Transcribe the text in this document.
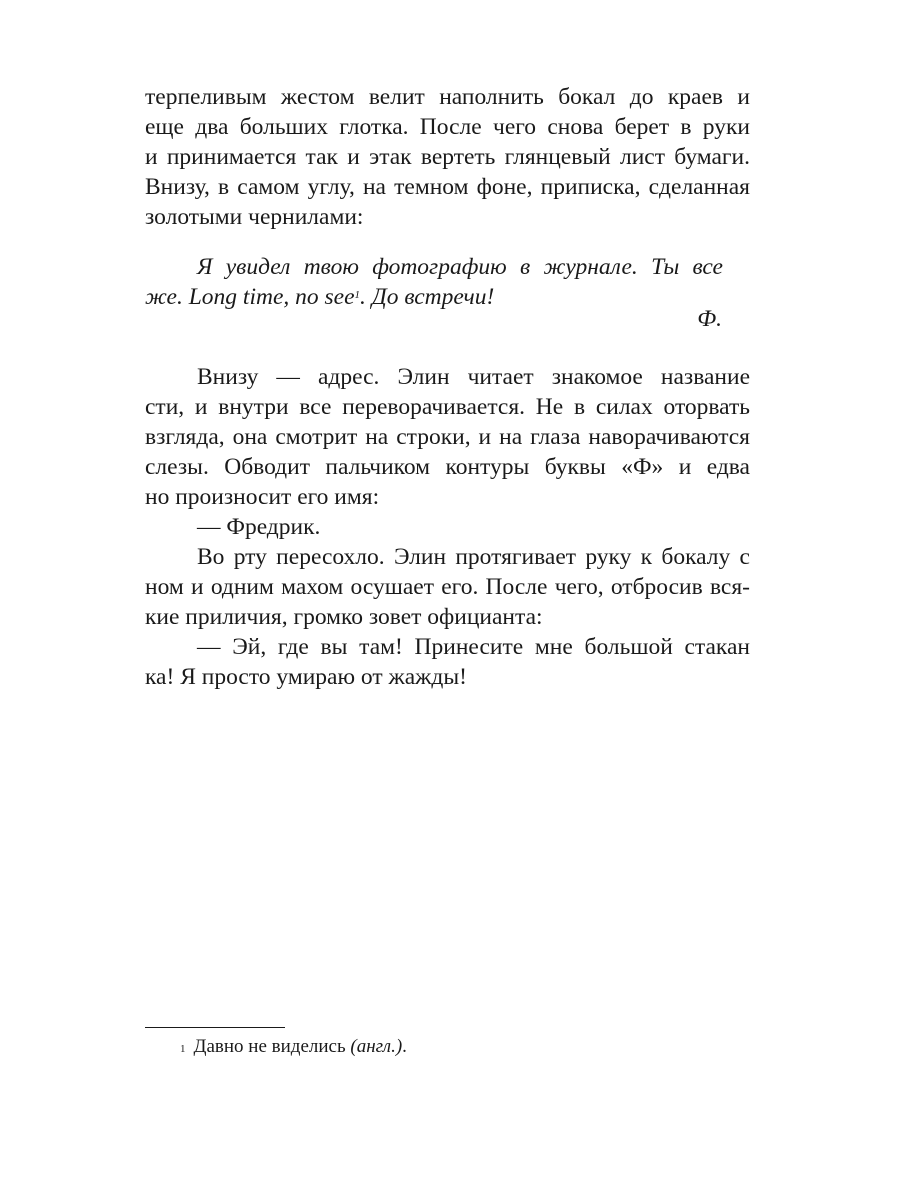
терпеливым жестом велит наполнить бокал до краев и
еще два больших глотка. После чего снова берет в руки
и принимается так и этак вертеть глянцевый лист бумаги.
Внизу, в самом углу, на темном фоне, приписка, сделанная
золотыми чернилами:
Я увидел твою фотографию в журнале. Ты все
же. Long time, no see$^1$. До встречи!
Ф.
Внизу — адрес. Элин читает знакомое название
сти, и внутри все переворачивается. Не в силах оторвать
взгляда, она смотрит на строки, и на глаза наворачиваются
слезы. Обводит пальчиком контуры буквы «Ф» и едва
но произносит его имя:
— Фредрик.
Во рту пересохло. Элин протягивает руку к бокалу с
ном и одним махом осушает его. После чего, отбросив вся-
кие приличия, громко зовет официанта:
— Эй, где вы там! Принесите мне большой стакан
ка! Я просто умираю от жажды!
$^1$ Давно не виделись (англ.).
